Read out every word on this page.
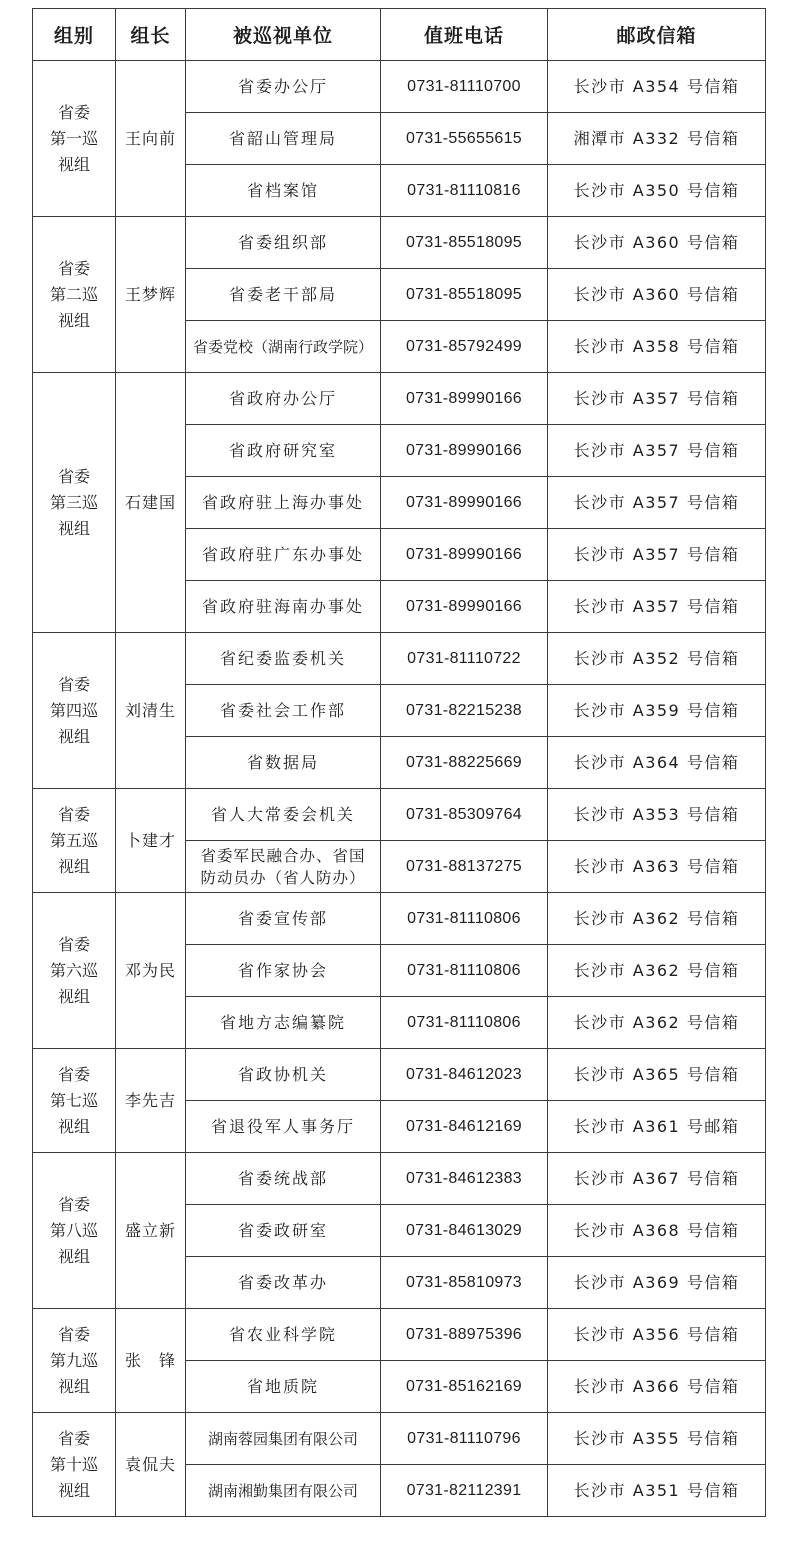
组别	组长	被巡视单位	值班电话	邮政信箱
省委
第一巡
视组	王向前	省委办公厅	0731-81110700	长沙市 A354 号信箱
		省韶山管理局	0731-55655615	湘潭市 A332 号信箱
		省档案馆	0731-81110816	长沙市 A350 号信箱
省委
第二巡
视组	王梦辉	省委组织部	0731-85518095	长沙市 A360 号信箱
		省委老干部局	0731-85518095	长沙市 A360 号信箱
		省委党校（湖南行政学院）	0731-85792499	长沙市 A358 号信箱
省委
第三巡
视组	石建国	省政府办公厅	0731-89990166	长沙市 A357 号信箱
		省政府研究室	0731-89990166	长沙市 A357 号信箱
		省政府驻上海办事处	0731-89990166	长沙市 A357 号信箱
		省政府驻广东办事处	0731-89990166	长沙市 A357 号信箱
		省政府驻海南办事处	0731-89990166	长沙市 A357 号信箱
省委
第四巡
视组	刘清生	省纪委监委机关	0731-81110722	长沙市 A352 号信箱
		省委社会工作部	0731-82215238	长沙市 A359 号信箱
		省数据局	0731-88225669	长沙市 A364 号信箱
省委
第五巡
视组	卜建才	省人大常委会机关	0731-85309764	长沙市 A353 号信箱
		省委军民融合办、省国
防动员办（省人防办）	0731-88137275	长沙市 A363 号信箱
省委
第六巡
视组	邓为民	省委宣传部	0731-81110806	长沙市 A362 号信箱
		省作家协会	0731-81110806	长沙市 A362 号信箱
		省地方志编纂院	0731-81110806	长沙市 A362 号信箱
省委
第七巡
视组	李先吉	省政协机关	0731-84612023	长沙市 A365 号信箱
		省退役军人事务厅	0731-84612169	长沙市 A361 号邮箱
省委
第八巡
视组	盛立新	省委统战部	0731-84612383	长沙市 A367 号信箱
		省委政研室	0731-84613029	长沙市 A368 号信箱
		省委改革办	0731-85810973	长沙市 A369 号信箱
省委
第九巡
视组	张　锋	省农业科学院	0731-88975396	长沙市 A356 号信箱
		省地质院	0731-85162169	长沙市 A366 号信箱
省委
第十巡
视组	袁侃夫	湖南蓉园集团有限公司	0731-81110796	长沙市 A355 号信箱
		湖南湘勤集团有限公司	0731-82112391	长沙市 A351 号信箱
